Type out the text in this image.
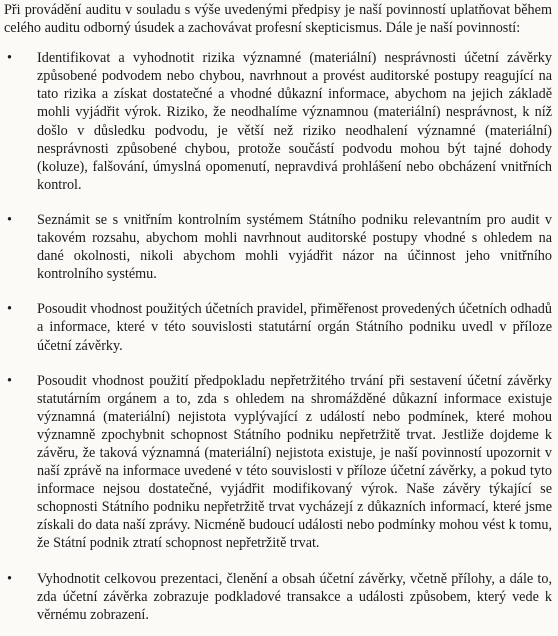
Při provádění auditu v souladu s výše uvedenými předpisy je naší povinností uplatňovat během celého auditu odborný úsudek a zachovávat profesní skepticismus. Dále je naší povinností:

•	Identifikovat a vyhodnotit rizika významné (materiální) nesprávnosti účetní závěrky způsobené podvodem nebo chybou, navrhnout a provést auditorské postupy reagující na tato rizika a získat dostatečné a vhodné důkazní informace, abychom na jejich základě mohli vyjádřit výrok. Riziko, že neodhalíme významnou (materiální) nesprávnost, k níž došlo v důsledku podvodu, je větší než riziko neodhalení významné (materiální) nesprávnosti způsobené chybou, protože součástí podvodu mohou být tajné dohody (koluze), falšování, úmyslná opomenutí, nepravdivá prohlášení nebo obcházení vnitřních kontrol.
•	Seznámit se s vnitřním kontrolním systémem Státního podniku relevantním pro audit v takovém rozsahu, abychom mohli navrhnout auditorské postupy vhodné s ohledem na dané okolnosti, nikoli abychom mohli vyjádřit názor na účinnost jeho vnitřního kontrolního systému.
•	Posoudit vhodnost použitých účetních pravidel, přiměřenost provedených účetních odhadů a informace, které v této souvislosti statutární orgán Státního podniku uvedl v příloze účetní závěrky.
•	Posoudit vhodnost použití předpokladu nepřetržitého trvání při sestavení účetní závěrky statutárním orgánem a to, zda s ohledem na shromážděné důkazní informace existuje významná (materiální) nejistota vyplývající z událostí nebo podmínek, které mohou významně zpochybnit schopnost Státního podniku nepřetržitě trvat. Jestliže dojdeme k závěru, že taková významná (materiální) nejistota existuje, je naší povinností upozornit v naší zprávě na informace uvedené v této souvislosti v příloze účetní závěrky, a pokud tyto informace nejsou dostatečné, vyjádřit modifikovaný výrok. Naše závěry týkající se schopnosti Státního podniku nepřetržitě trvat vycházejí z důkazních informací, které jsme získali do data naší zprávy. Nicméně budoucí události nebo podmínky mohou vést k tomu, že Státní podnik ztratí schopnost nepřetržitě trvat.
•	Vyhodnotit celkovou prezentaci, členění a obsah účetní závěrky, včetně přílohy, a dále to, zda účetní závěrka zobrazuje podkladové transakce a události způsobem, který vede k věrnému zobrazení.
